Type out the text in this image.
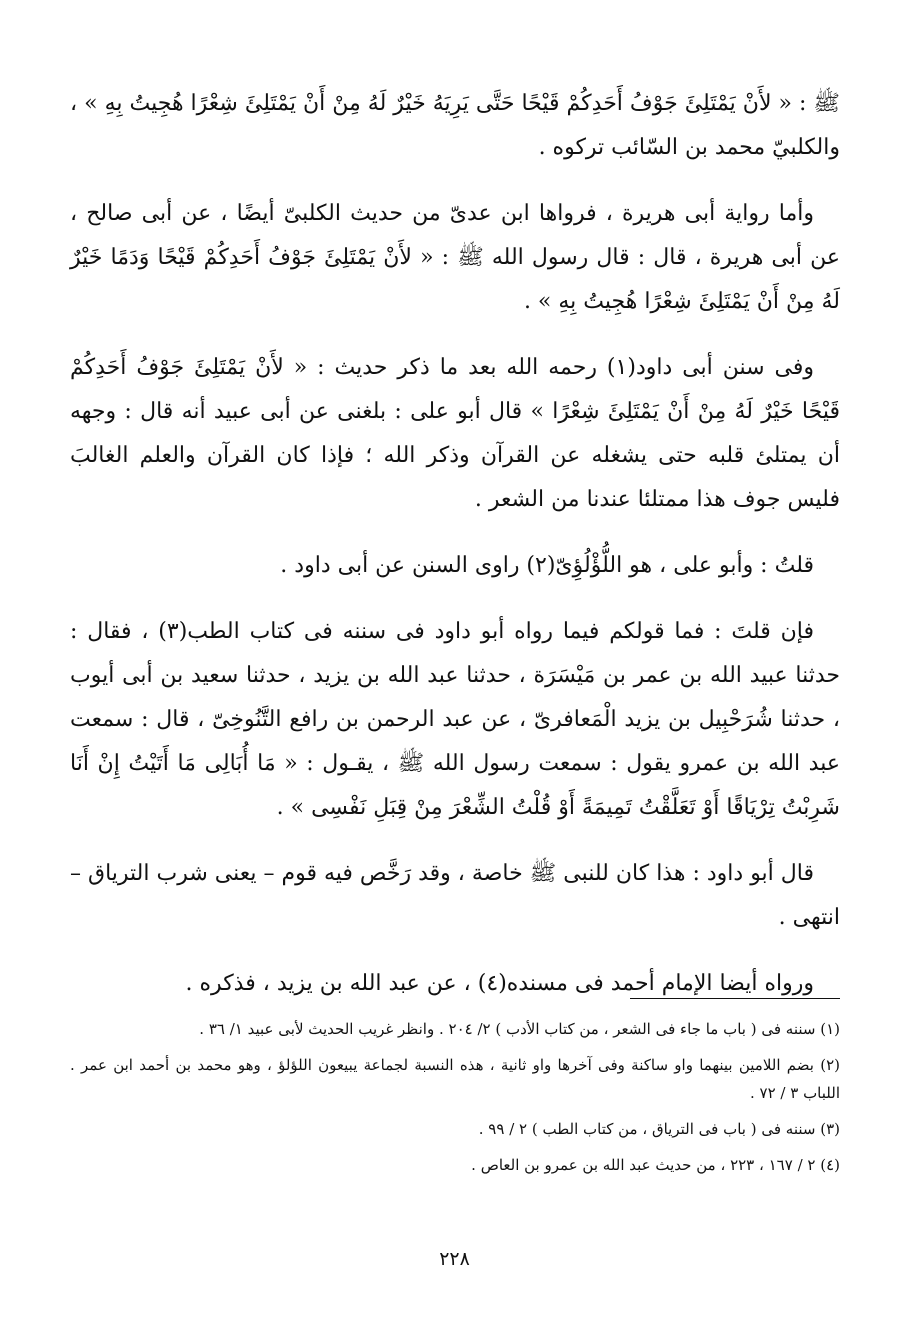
ﷺ : « لأَنْ يَمْتَلِئَ جَوْفُ أَحَدِكُمْ قَيْحًا حَتَّى يَرِيَهُ خَيْرٌ لَهُ مِنْ أَنْ يَمْتَلِئَ شِعْرًا هُجِيتُ بِهِ » ، والكلبيّ محمد بن السّائب تركوه .

وأما رواية أبى هريرة ، فرواها ابن عدىّ من حديث الكلبىّ أيضًا ، عن أبى صالح ، عن أبى هريرة ، قال : قال رسول الله ﷺ : « لأَنْ يَمْتَلِئَ جَوْفُ أَحَدِكُمْ قَيْحًا وَدَمًا خَيْرٌ لَهُ مِنْ أَنْ يَمْتَلِئَ شِعْرًا هُجِيتُ بِهِ » .

وفى سنن أبى داود(١) رحمه الله بعد ما ذكر حديث : « لأَنْ يَمْتَلِئَ جَوْفُ أَحَدِكُمْ قَيْحًا خَيْرٌ لَهُ مِنْ أَنْ يَمْتَلِئَ شِعْرًا » قال أبو على : بلغنى عن أبى عبيد أنه قال : وجهه أن يمتلئ قلبه حتى يشغله عن القرآن وذكر الله ؛ فإذا كان القرآن والعلم الغالبَ فليس جوف هذا ممتلئا عندنا من الشعر .

قلتُ : وأبو على ، هو اللُّؤْلُؤِىّ(٢) راوى السنن عن أبى داود .

فإن قلتَ : فما قولكم فيما رواه أبو داود فى سننه فى كتاب الطب(٣) ، فقال : حدثنا عبيد الله بن عمر بن مَيْسَرَة ، حدثنا عبد الله بن يزيد ، حدثنا سعيد بن أبى أيوب ، حدثنا شُرَحْبِيل بن يزيد الْمَعافرىّ ، عن عبد الرحمن بن رافع التَّنُوخِىّ ، قال : سمعت عبد الله بن عمرو يقول : سمعت رسول الله ﷺ ، يقـول : « مَا أُبَالِى مَا أَتَيْتُ إِنْ أَنَا شَرِبْتُ تِرْيَاقًا أَوْ تَعَلَّقْتُ تَمِيمَةً أَوْ قُلْتُ الشِّعْرَ مِنْ قِبَلِ نَفْسِى » .

قال أبو داود : هذا كان للنبى ﷺ خاصة ، وقد رَخَّص فيه قوم – يعنى شرب الترياق – انتهى .

ورواه أيضا الإمام أحمد فى مسنده(٤) ، عن عبد الله بن يزيد ، فذكره .

(١) سننه فى ( باب ما جاء فى الشعر ، من كتاب الأدب ) ٢/ ٢٠٤ . وانظر غريب الحديث لأبى عبيد ١/ ٣٦ .

(٢) بضم اللامين بينهما واو ساكنة وفى آخرها واو ثانية ، هذه النسبة لجماعة يبيعون اللؤلؤ ، وهو محمد بن أحمد ابن عمر . اللباب ٣ / ٧٢ .

(٣) سننه فى ( باب فى الترياق ، من كتاب الطب ) ٢ / ٩٩ .

(٤) ٢ / ١٦٧ ، ٢٢٣ ، من حديث عبد الله بن عمرو بن العاص .

٢٢٨
